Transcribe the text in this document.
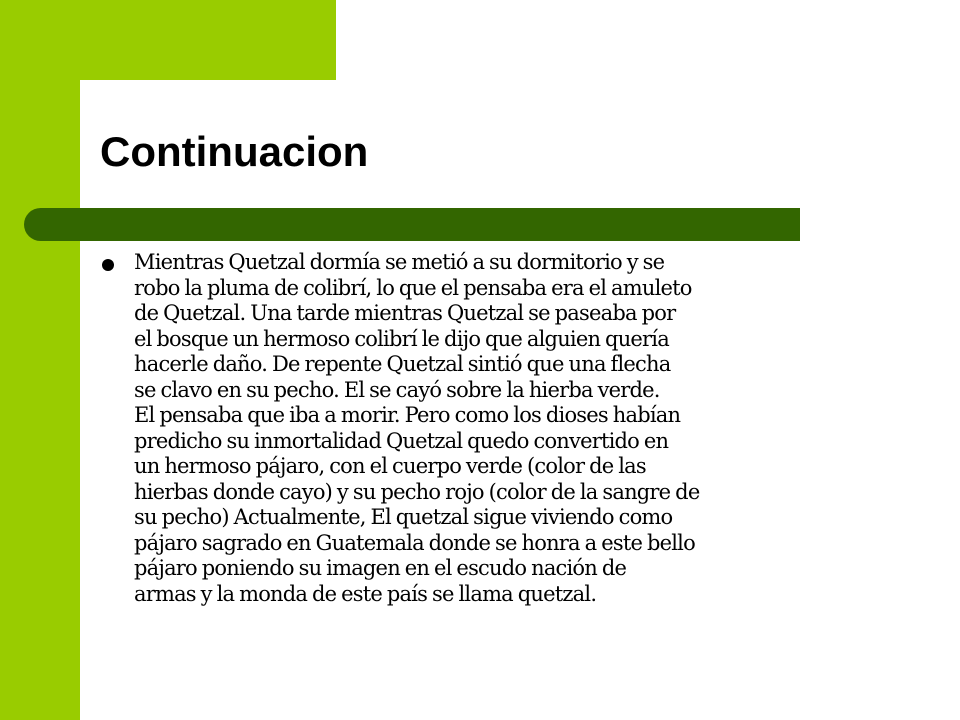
Continuacion
Mientras Quetzal dormía se metió a su dormitorio y se
robo la pluma de colibrí, lo que el pensaba era el amuleto
de Quetzal. Una tarde mientras Quetzal se paseaba por
el bosque un hermoso colibrí le dijo que alguien quería
hacerle daño. De repente Quetzal sintió que una flecha
se clavo en su pecho. El se cayó sobre la hierba verde.
El pensaba que iba a morir. Pero como los dioses habían
predicho su inmortalidad Quetzal quedo convertido en
un hermoso pájaro, con el cuerpo verde (color de las
hierbas donde cayo) y su pecho rojo (color de la sangre de
su pecho) Actualmente, El quetzal sigue viviendo como
pájaro sagrado en Guatemala donde se honra a este bello
pájaro poniendo su imagen en el escudo nación de
armas y la monda de este país se llama quetzal.
